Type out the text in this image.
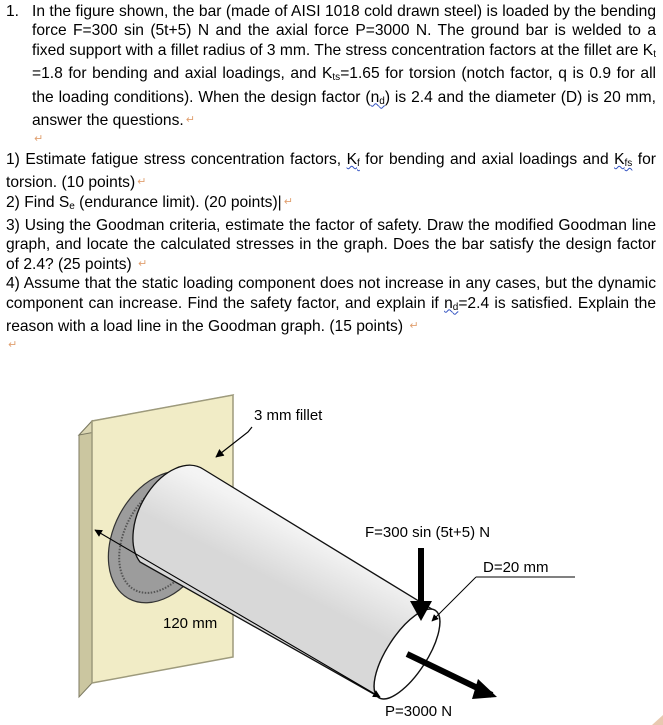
1. In the figure shown, the bar (made of AISI 1018 cold drawn steel) is loaded by the bending force F=300 sin (5t+5) N and the axial force P=3000 N. The ground bar is welded to a fixed support with a fillet radius of 3 mm. The stress concentration factors at the fillet are $K_t =1.8$ for bending and axial loadings, and $K_{ts}=1.65$ for torsion (notch factor, q is 0.9 for all the loading conditions). When the design factor $(n_d)$ is 2.4 and the diameter (D) is 20 mm, answer the questions. ↵
↵

1) Estimate fatigue stress concentration factors, $K_f$ for bending and axial loadings and $K_{fs}$ for torsion. (10 points) ↵

2) Find $S_e$ (endurance limit). (20 points)| ↵

3) Using the Goodman criteria, estimate the factor of safety. Draw the modified Goodman line graph, and locate the calculated stresses in the graph. Does the bar satisfy the design factor of 2.4? (25 points) ↵

4) Assume that the static loading component does not increase in any cases, but the dynamic component can increase. Find the safety factor, and explain if $n_d=2.4$ is satisfied. Explain the reason with a load line in the Goodman graph. (15 points) ↵

↵
3 mm fillet
F=300 sin (5t+5) N
D=20 mm
120 mm
P=3000 N
